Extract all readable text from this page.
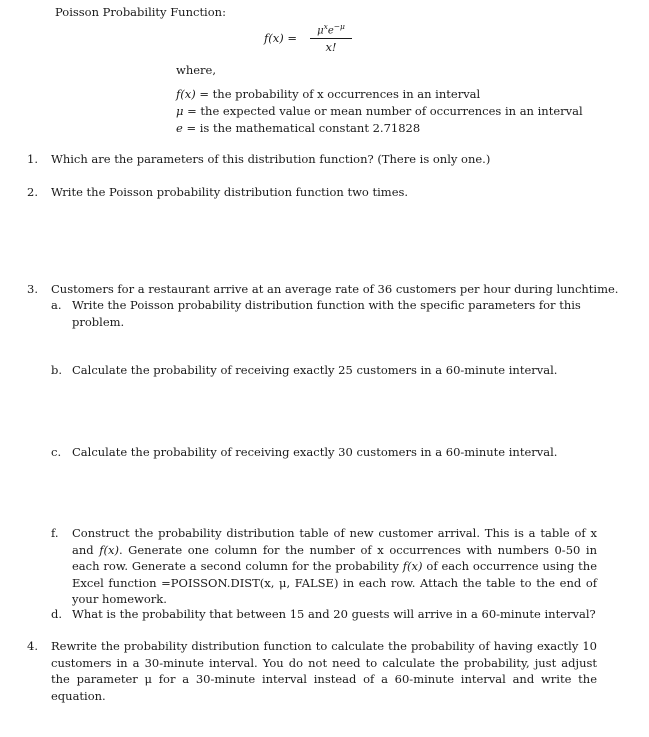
Poisson Probability Function:
f(x) =
$\mu^xe^{-\mu}$
x!
where,
f(x) = the probability of x occurrences in an interval
μ = the expected value or mean number of occurrences in an interval
e = is the mathematical constant 2.71828
1. Which are the parameters of this distribution function? (There is only one.)
2. Write the Poisson probability distribution function two times.
3. Customers for a restaurant arrive at an average rate of 36 customers per hour during lunchtime.
a. Write the Poisson probability distribution function with the specific parameters for this problem.
b. Calculate the probability of receiving exactly 25 customers in a 60-minute interval.
c. Calculate the probability of receiving exactly 30 customers in a 60-minute interval.
f. Construct the probability distribution table of new customer arrival. This is a table of x and f(x). Generate one column for the number of x occurrences with numbers 0-50 in each row. Generate a second column for the probability f(x) of each occurrence using the Excel function =POISSON.DIST(x, μ, FALSE) in each row. Attach the table to the end of your homework.
d. What is the probability that between 15 and 20 guests will arrive in a 60-minute interval?
4. Rewrite the probability distribution function to calculate the probability of having exactly 10 customers in a 30-minute interval. You do not need to calculate the probability, just adjust the parameter μ for a 30-minute interval instead of a 60-minute interval and write the equation.
